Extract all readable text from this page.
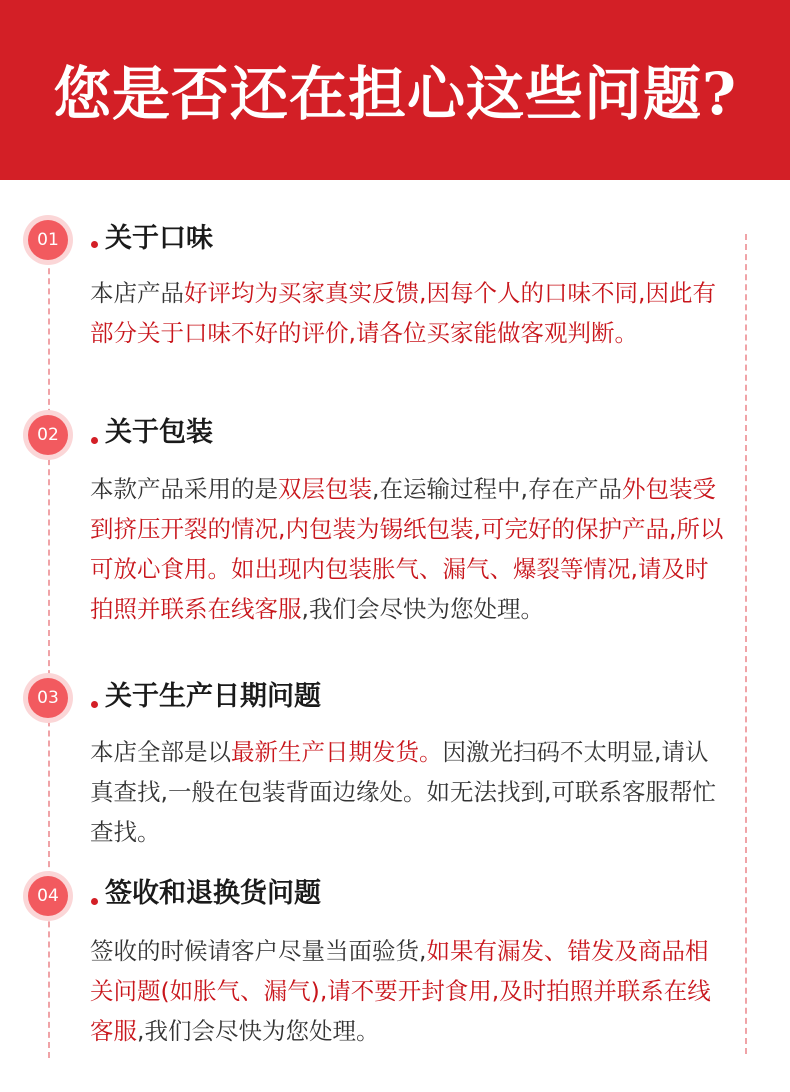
您是否还在担心这些问题?
01	关于口味
本店产品好评均为买家真实反馈,因每个人的口味不同,因此有部分关于口味不好的评价,请各位买家能做客观判断。
02	关于包装
本款产品采用的是双层包装,在运输过程中,存在产品外包装受到挤压开裂的情况,内包装为锡纸包装,可完好的保护产品,所以可放心食用。如出现内包装胀气、漏气、爆裂等情况,请及时拍照并联系在线客服,我们会尽快为您处理。
03	关于生产日期问题
本店全部是以最新生产日期发货。因激光扫码不太明显,请认真查找,一般在包装背面边缘处。如无法找到,可联系客服帮忙查找。
04	签收和退换货问题
签收的时候请客户尽量当面验货,如果有漏发、错发及商品相关问题(如胀气、漏气),请不要开封食用,及时拍照并联系在线客服,我们会尽快为您处理。
